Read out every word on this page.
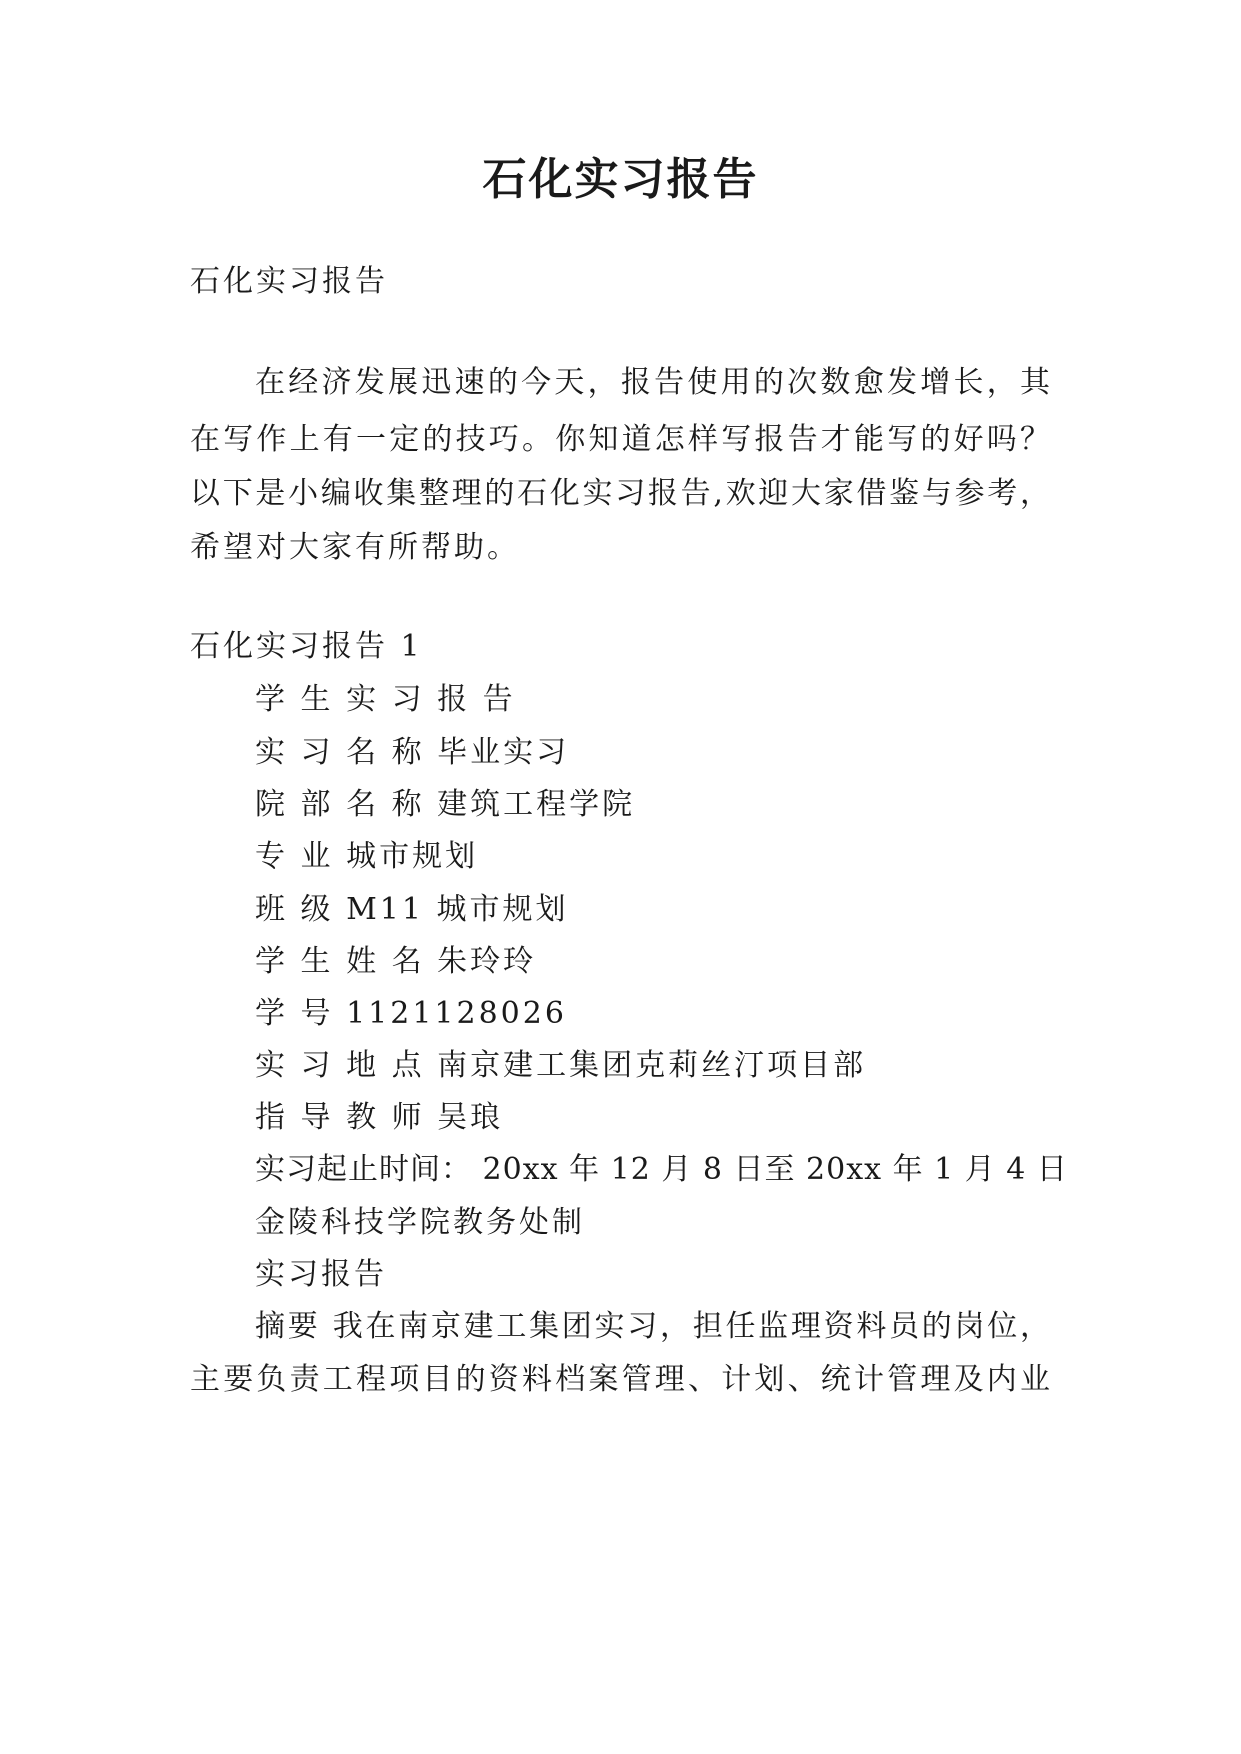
石化实习报告
石化实习报告
在经济发展迅速的今天，报告使用的次数愈发增长，其
在写作上有一定的技巧。你知道怎样写报告才能写的好吗？
以下是小编收集整理的石化实习报告,欢迎大家借鉴与参考，
希望对大家有所帮助。
石化实习报告 1
学 生 实 习 报 告
实 习 名 称 毕业实习
院 部 名 称 建筑工程学院
专 业 城市规划
班 级 M11 城市规划
学 生 姓 名 朱玲玲
学 号 1121128026
实 习 地 点 南京建工集团克莉丝汀项目部
指 导 教 师 吴琅
实习起止时间： 20xx 年 12 月 8 日至 20xx 年 1 月 4 日
金陵科技学院教务处制
实习报告
摘要 我在南京建工集团实习，担任监理资料员的岗位，
主要负责工程项目的资料档案管理、计划、统计管理及内业
